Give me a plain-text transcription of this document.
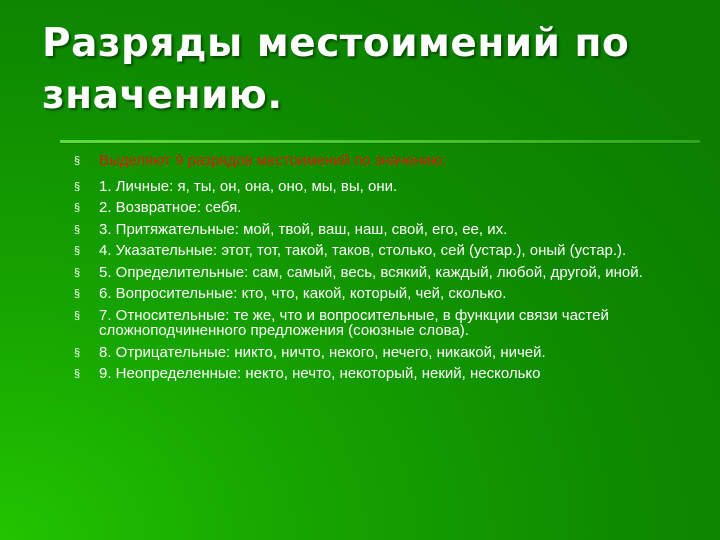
Разряды местоимений по значению.
§ Выделяют 9 разрядов местоимений по значению:
§ 1. Личные: я, ты, он, она, оно, мы, вы, они.
§ 2. Возвратное: себя.
§ 3. Притяжательные: мой, твой, ваш, наш, свой, его, ее, их.
§ 4. Указательные: этот, тот, такой, таков, столько, сей (устар.), оный (устар.).
§ 5. Определительные: сам, самый, весь, всякий, каждый, любой, другой, иной.
§ 6. Вопросительные: кто, что, какой, который, чей, сколько.
§ 7. Относительные: те же, что и вопросительные, в функции связи частей сложноподчиненного предложения (союзные слова).
§ 8. Отрицательные: никто, ничто, некого, нечего, никакой, ничей.
§ 9. Неопределенные: некто, нечто, некоторый, некий, несколько
